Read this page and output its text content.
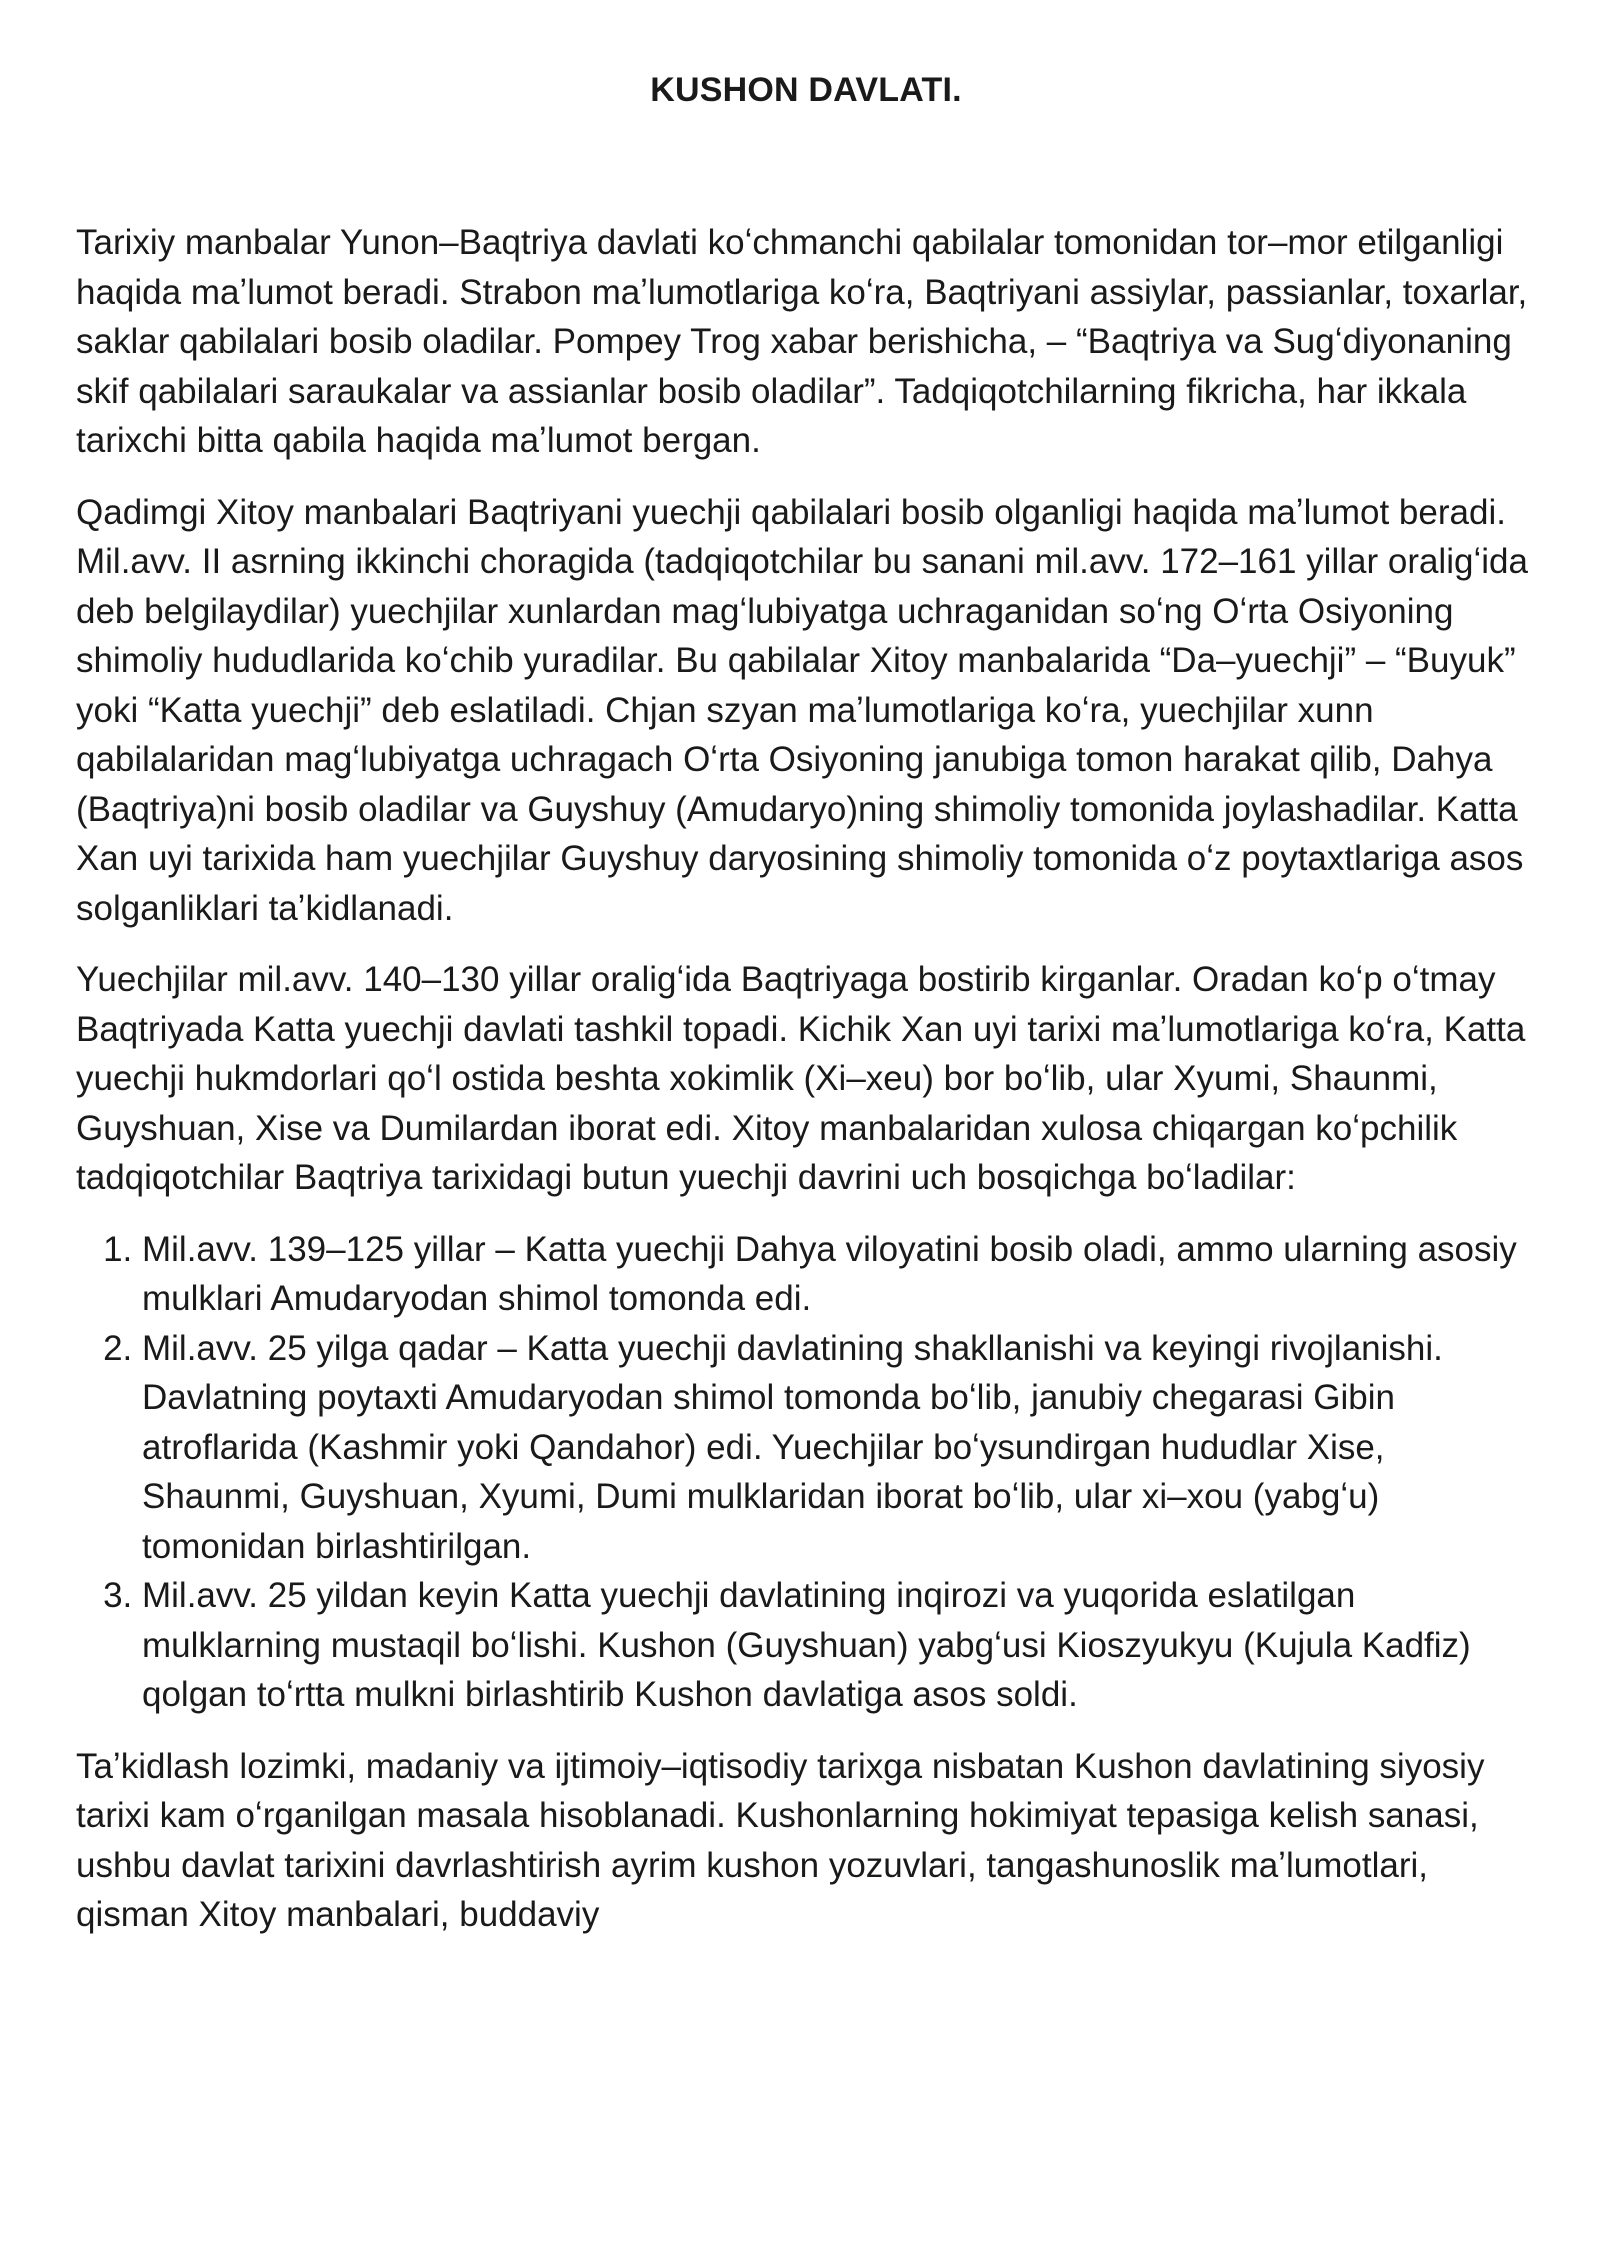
KUSHON DAVLATI.

Tarixiy manbalar Yunon–Baqtriya davlati koʻchmanchi qabilalar tomonidan tor–mor etilganligi haqida maʼlumot beradi. Strabon maʼlumotlariga koʻra, Baqtriyani assiylar, passianlar, toxarlar, saklar qabilalari bosib oladilar. Pompey Trog xabar berishicha, – “Baqtriya va Sugʻdiyonaning skif qabilalari saraukalar va assianlar bosib oladilar”. Tadqiqotchilarning fikricha, har ikkala tarixchi bitta qabila haqida maʼlumot bergan.

Qadimgi Xitoy manbalari Baqtriyani yuechji qabilalari bosib olganligi haqida maʼlumot beradi. Mil.avv. II asrning ikkinchi choragida (tadqiqotchilar bu sanani mil.avv. 172–161 yillar oraligʻida deb belgilaydilar) yuechjilar xunlardan magʻlubiyatga uchraganidan soʻng Oʻrta Osiyoning shimoliy hududlarida koʻchib yuradilar. Bu qabilalar Xitoy manbalarida “Da–yuechji” – “Buyuk” yoki “Katta yuechji” deb eslatiladi. Chjan szyan maʼlumotlariga koʻra, yuechjilar xunn qabilalaridan magʻlubiyatga uchragach Oʻrta Osiyoning janubiga tomon harakat qilib, Dahya (Baqtriya)ni bosib oladilar va Guyshuy (Amudaryo)ning shimoliy tomonida joylashadilar. Katta Xan uyi tarixida ham yuechjilar Guyshuy daryosining shimoliy tomonida oʻz poytaxtlariga asos solganliklari taʼkidlanadi.

Yuechjilar mil.avv. 140–130 yillar oraligʻida Baqtriyaga bostirib kirganlar. Oradan koʻp oʻtmay Baqtriyada Katta yuechji davlati tashkil topadi. Kichik Xan uyi tarixi maʼlumotlariga koʻra, Katta yuechji hukmdorlari qoʻl ostida beshta xokimlik (Xi–xeu) bor boʻlib, ular Xyumi, Shaunmi, Guyshuan, Xise va Dumilardan iborat edi. Xitoy manbalaridan xulosa chiqargan koʻpchilik tadqiqotchilar Baqtriya tarixidagi butun yuechji davrini uch bosqichga boʻladilar:

1. Mil.avv. 139–125 yillar – Katta yuechji Dahya viloyatini bosib oladi, ammo ularning asosiy mulklari Amudaryodan shimol tomonda edi.
2. Mil.avv. 25 yilga qadar – Katta yuechji davlatining shakllanishi va keyingi rivojlanishi. Davlatning poytaxti Amudaryodan shimol tomonda boʻlib, janubiy chegarasi Gibin atroflarida (Kashmir yoki Qandahor) edi. Yuechjilar boʻysundirgan hududlar Xise, Shaunmi, Guyshuan, Xyumi, Dumi mulklaridan iborat boʻlib, ular xi–xou (yabgʻu) tomonidan birlashtirilgan.
3. Mil.avv. 25 yildan keyin Katta yuechji davlatining inqirozi va yuqorida eslatilgan mulklarning mustaqil boʻlishi. Kushon (Guyshuan) yabgʻusi Kioszyukyu (Kujula Kadfiz) qolgan toʻrtta mulkni birlashtirib Kushon davlatiga asos soldi.

Taʼkidlash lozimki, madaniy va ijtimoiy–iqtisodiy tarixga nisbatan Kushon davlatining siyosiy tarixi kam oʻrganilgan masala hisoblanadi. Kushonlarning hokimiyat tepasiga kelish sanasi, ushbu davlat tarixini davrlashtirish ayrim kushon yozuvlari, tangashunoslik maʼlumotlari, qisman Xitoy manbalari, buddaviy
